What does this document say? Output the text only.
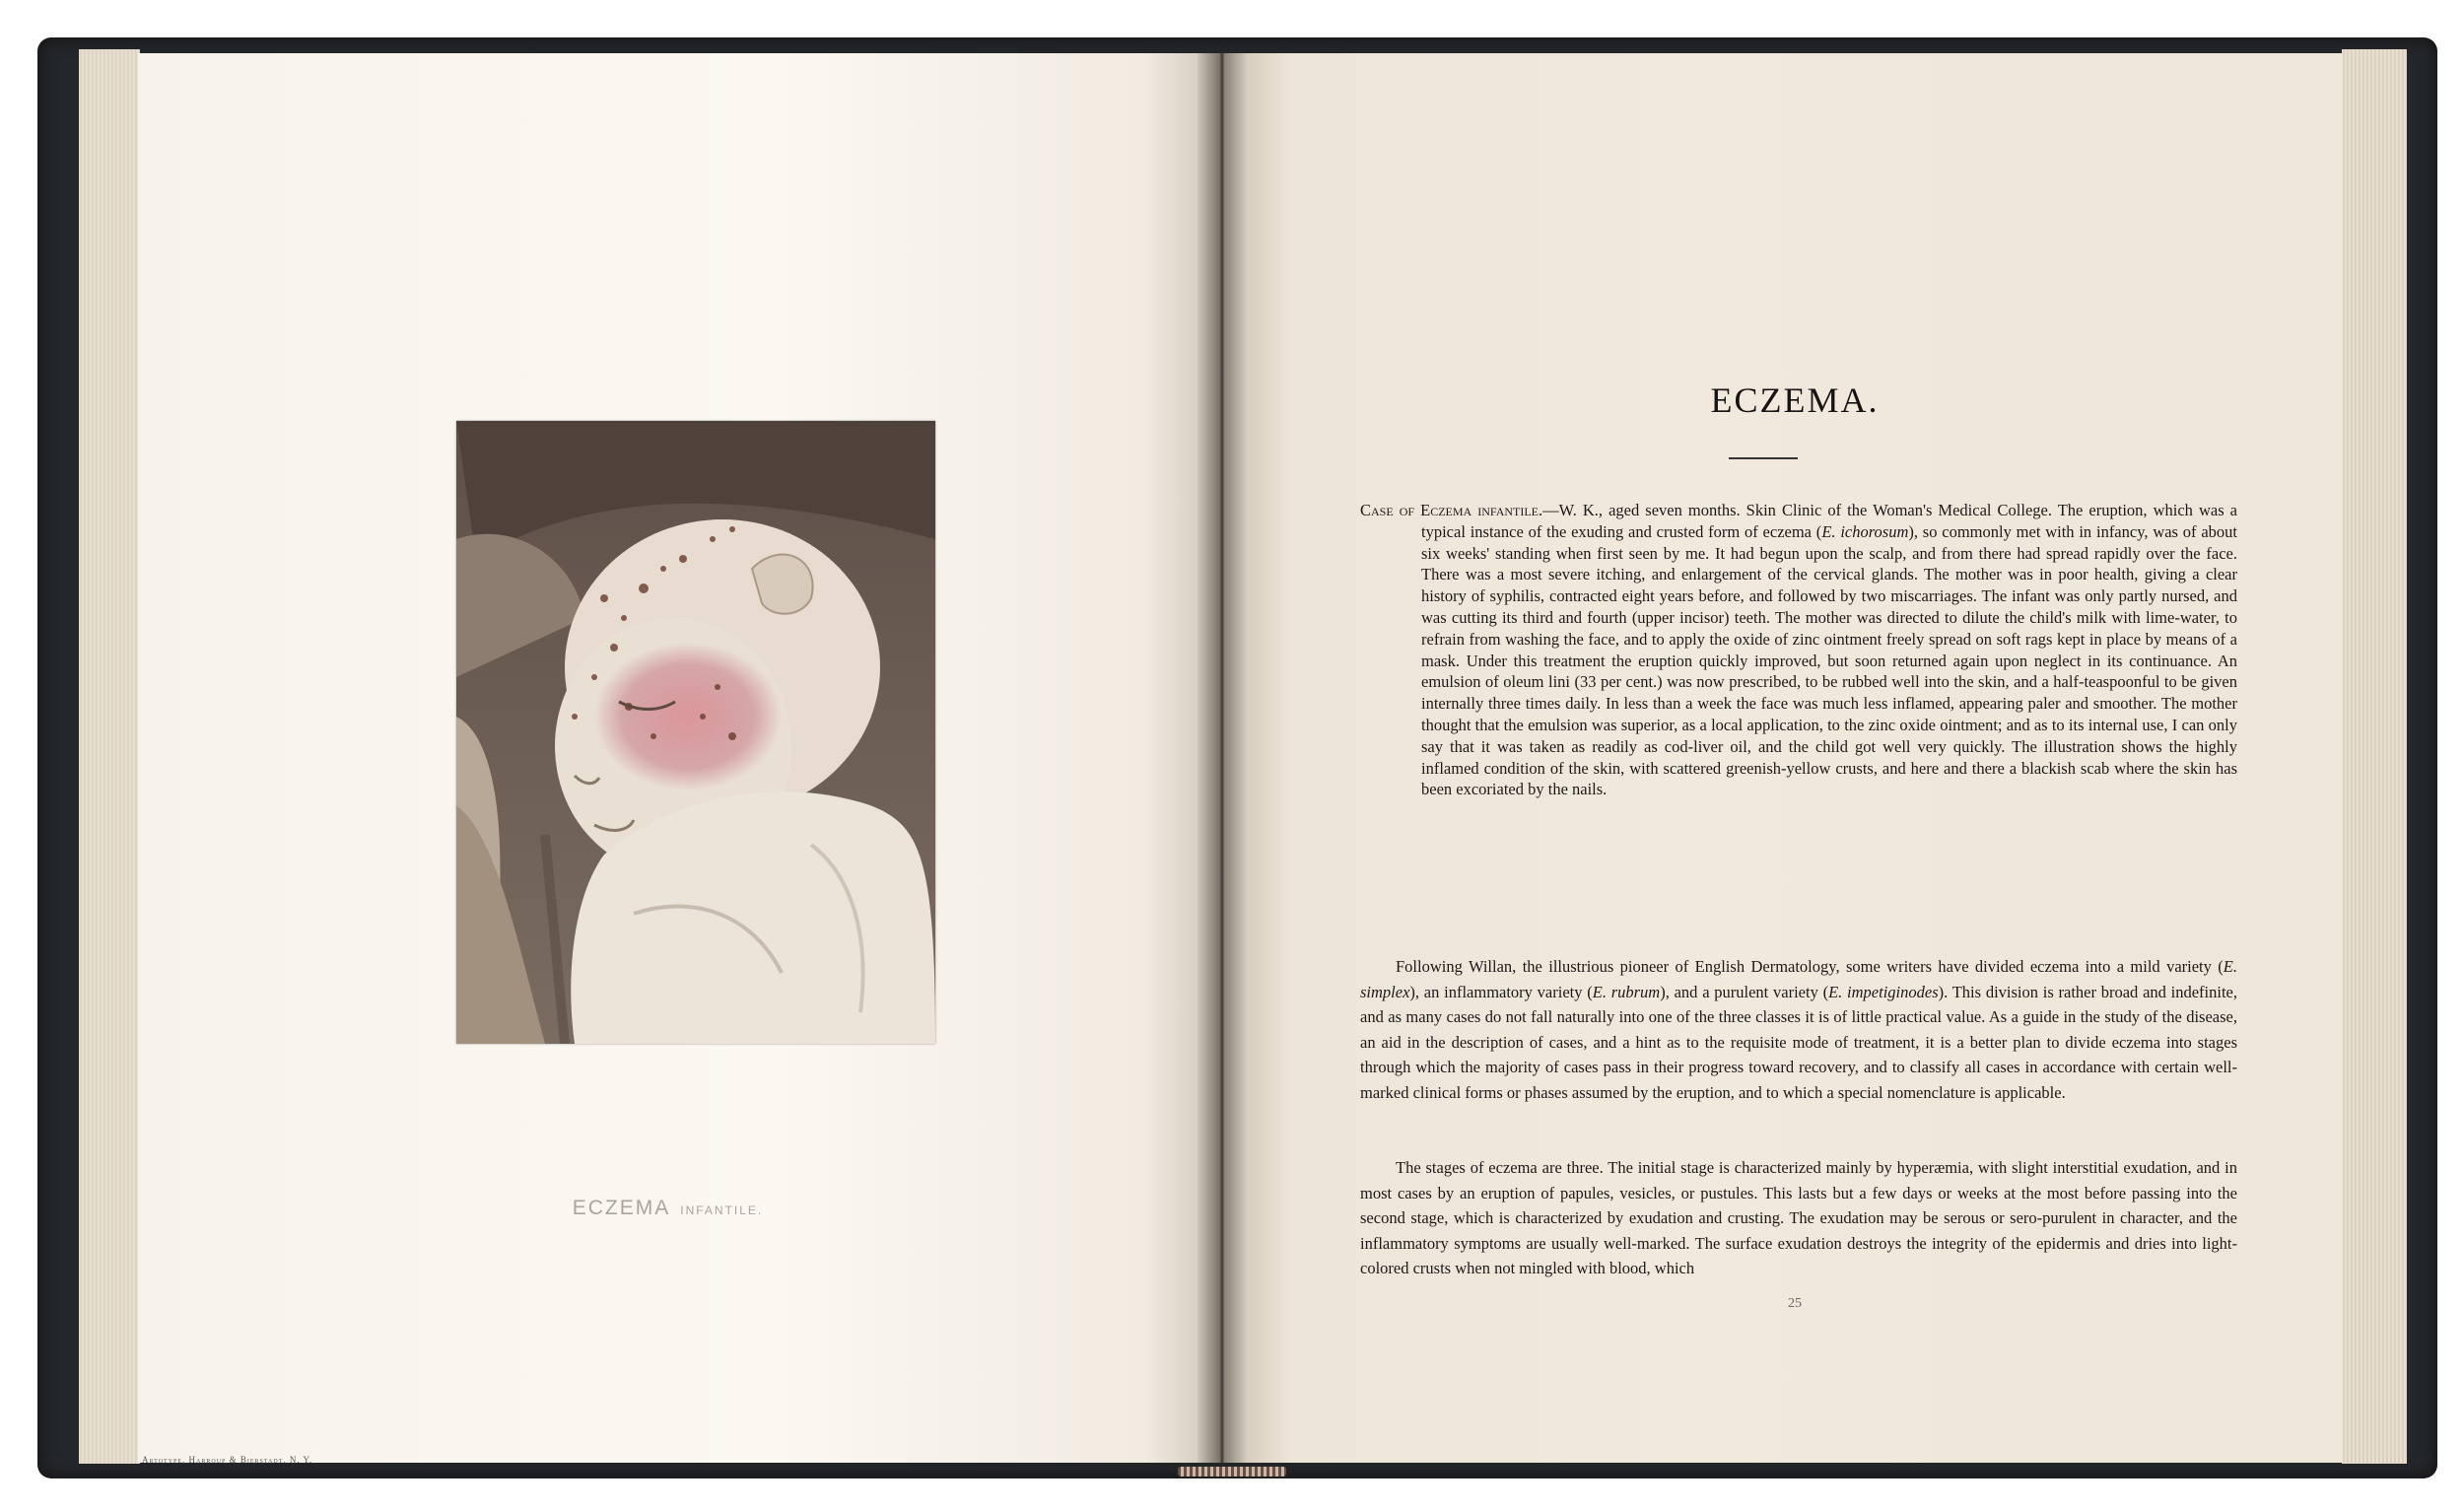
ECZEMA INFANTILE.
Artotype, Harroup & Bierstadt, N. Y.
ECZEMA.

Case of Eczema infantile.—W. K., aged seven months. Skin Clinic of the Woman's Medical College. The eruption, which was a typical instance of the exuding and crusted form of eczema (E. ichorosum), so commonly met with in infancy, was of about six weeks' standing when first seen by me. It had begun upon the scalp, and from there had spread rapidly over the face. There was a most severe itching, and enlargement of the cervical glands. The mother was in poor health, giving a clear history of syphilis, contracted eight years before, and followed by two miscarriages. The infant was only partly nursed, and was cutting its third and fourth (upper incisor) teeth. The mother was directed to dilute the child's milk with lime-water, to refrain from washing the face, and to apply the oxide of zinc ointment freely spread on soft rags kept in place by means of a mask. Under this treatment the eruption quickly improved, but soon returned again upon neglect in its continuance. An emulsion of oleum lini (33 per cent.) was now prescribed, to be rubbed well into the skin, and a half-teaspoonful to be given internally three times daily. In less than a week the face was much less inflamed, appearing paler and smoother. The mother thought that the emulsion was superior, as a local application, to the zinc oxide ointment; and as to its internal use, I can only say that it was taken as readily as cod-liver oil, and the child got well very quickly. The illustration shows the highly inflamed condition of the skin, with scattered greenish-yellow crusts, and here and there a blackish scab where the skin has been excoriated by the nails.

Following Willan, the illustrious pioneer of English Dermatology, some writers have divided eczema into a mild variety (E. simplex), an inflammatory variety (E. rubrum), and a purulent variety (E. impetiginodes). This division is rather broad and indefinite, and as many cases do not fall naturally into one of the three classes it is of little practical value. As a guide in the study of the disease, an aid in the description of cases, and a hint as to the requisite mode of treatment, it is a better plan to divide eczema into stages through which the majority of cases pass in their progress toward recovery, and to classify all cases in accordance with certain well-marked clinical forms or phases assumed by the eruption, and to which a special nomenclature is applicable.

The stages of eczema are three. The initial stage is characterized mainly by hyperæmia, with slight interstitial exudation, and in most cases by an eruption of papules, vesicles, or pustules. This lasts but a few days or weeks at the most before passing into the second stage, which is characterized by exudation and crusting. The exudation may be serous or sero-purulent in character, and the inflammatory symptoms are usually well-marked. The surface exudation destroys the integrity of the epidermis and dries into light-colored crusts when not mingled with blood, which

25
